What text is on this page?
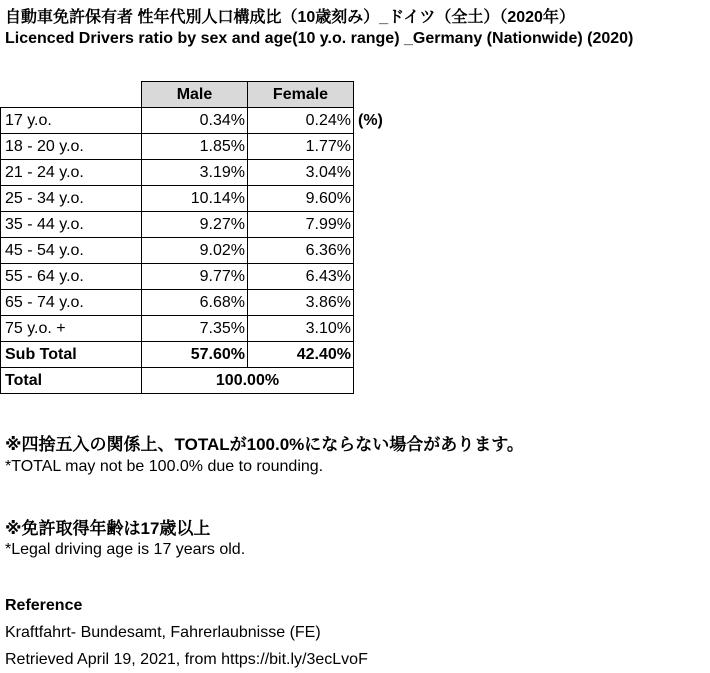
自動車免許保有者 性年代別人口構成比（10歳刻み）_ドイツ（全土）（2020年）
Licenced Drivers ratio by sex and age(10 y.o. range) _Germany (Nationwide) (2020)
	Male	Female	
17 y.o.	0.34%	0.24%	(%)
18 - 20 y.o.	1.85%	1.77%	
21 - 24 y.o.	3.19%	3.04%	
25 - 34 y.o.	10.14%	9.60%	
35 - 44 y.o.	9.27%	7.99%	
45 - 54 y.o.	9.02%	6.36%	
55 - 64 y.o.	9.77%	6.43%	
65 - 74 y.o.	6.68%	3.86%	
75 y.o. +	7.35%	3.10%	
Sub Total	57.60%	42.40%	
Total	100.00%		
※四捨五入の関係上、TOTALが100.0%にならない場合があります。
*TOTAL may not be 100.0% due to rounding.
※免許取得年齢は17歳以上
*Legal driving age is 17 years old.
Reference
Kraftfahrt- Bundesamt, Fahrerlaubnisse (FE)
Retrieved April 19, 2021, from https://bit.ly/3ecLvoF
